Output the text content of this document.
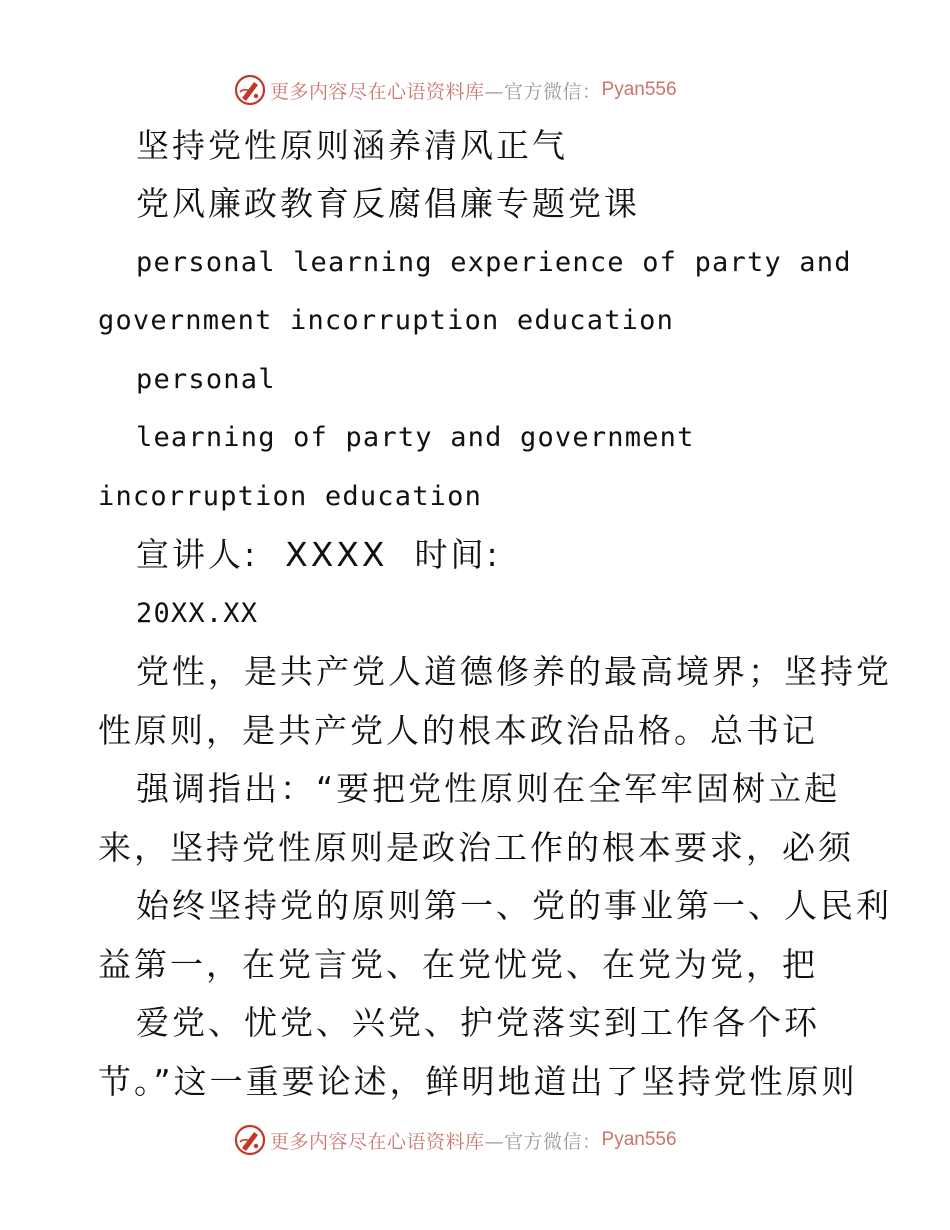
更多内容尽在心语资料库 —官方微信： Pyan556
坚持党性原则涵养清风正气
党风廉政教育反腐倡廉专题党课
personal learning experience of party and
government incorruption education
personal
learning of party and government
incorruption education
宣讲人:  XXXX  时间:
20XX.XX
党性，是共产党人道德修养的最高境界；坚持党
性原则，是共产党人的根本政治品格。总书记
强调指出：“要把党性原则在全军牢固树立起
来，坚持党性原则是政治工作的根本要求，必须
始终坚持党的原则第一、党的事业第一、人民利
益第一，在党言党、在党忧党、在党为党，把
爱党、忧党、兴党、护党落实到工作各个环
节。”这一重要论述，鲜明地道出了坚持党性原则
更多内容尽在心语资料库 —官方微信： Pyan556
